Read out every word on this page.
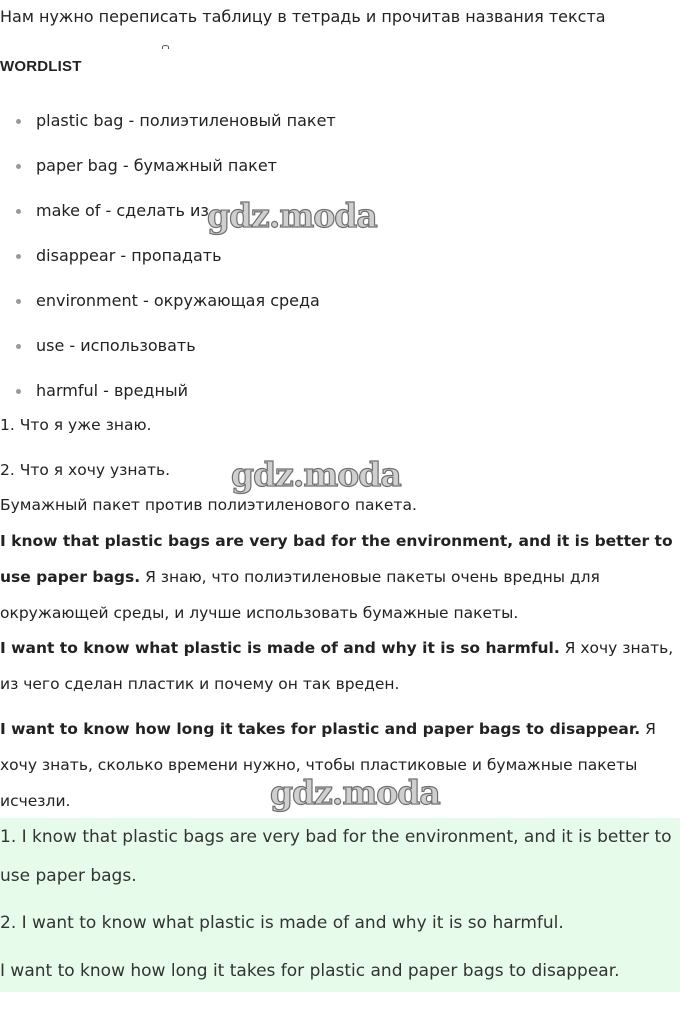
Нам нужно переписать таблицу в тетрадь и прочитав названия текста
WORDLIST
plastic bag - полиэтиленовый пакет
paper bag - бумажный пакет
make of - сделать из
disappear - пропадать
environment - окружающая среда
use - использовать
harmful - вредный
1. Что я уже знаю.
2. Что я хочу узнать.
Бумажный пакет против полиэтиленового пакета.
I know that plastic bags are very bad for the environment, and it is better to use paper bags. Я знаю, что полиэтиленовые пакеты очень вредны для окружающей среды, и лучше использовать бумажные пакеты.
I want to know what plastic is made of and why it is so harmful. Я хочу знать, из чего сделан пластик и почему он так вреден.
I want to know how long it takes for plastic and paper bags to disappear. Я хочу знать, сколько времени нужно, чтобы пластиковые и бумажные пакеты исчезли.
1. I know that plastic bags are very bad for the environment, and it is better to use paper bags.
2. I want to know what plastic is made of and why it is so harmful.
I want to know how long it takes for plastic and paper bags to disappear.
gdz.moda
gdz.moda
gdz.moda
